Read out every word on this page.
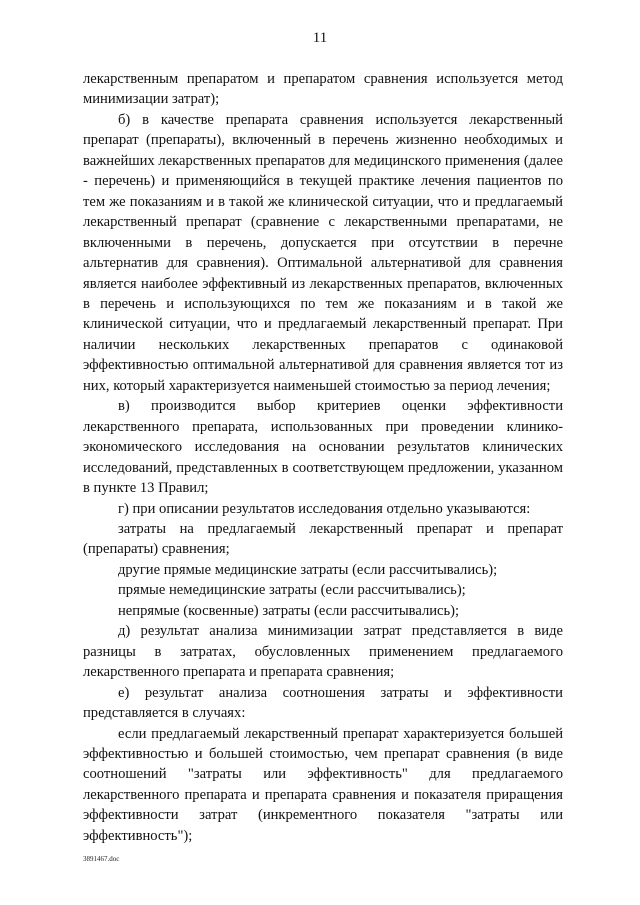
11

лекарственным препаратом и препаратом сравнения используется метод минимизации затрат);

б) в качестве препарата сравнения используется лекарственный препарат (препараты), включенный в перечень жизненно необходимых и важнейших лекарственных препаратов для медицинского применения (далее - перечень) и применяющийся в текущей практике лечения пациентов по тем же показаниям и в такой же клинической ситуации, что и предлагаемый лекарственный препарат (сравнение с лекарственными препаратами, не включенными в перечень, допускается при отсутствии в перечне альтернатив для сравнения). Оптимальной альтернативой для сравнения является наиболее эффективный из лекарственных препаратов, включенных в перечень и использующихся по тем же показаниям и в такой же клинической ситуации, что и предлагаемый лекарственный препарат. При наличии нескольких лекарственных препаратов с одинаковой эффективностью оптимальной альтернативой для сравнения является тот из них, который характеризуется наименьшей стоимостью за период лечения;

в) производится выбор критериев оценки эффективности лекарственного препарата, использованных при проведении клинико-экономического исследования на основании результатов клинических исследований, представленных в соответствующем предложении, указанном в пункте 13 Правил;

г) при описании результатов исследования отдельно указываются:

затраты на предлагаемый лекарственный препарат и препарат (препараты) сравнения;

другие прямые медицинские затраты (если рассчитывались);

прямые немедицинские затраты (если рассчитывались);

непрямые (косвенные) затраты (если рассчитывались);

д) результат анализа минимизации затрат представляется в виде разницы в затратах, обусловленных применением предлагаемого лекарственного препарата и препарата сравнения;

е) результат анализа соотношения затраты и эффективности представляется в случаях:

если предлагаемый лекарственный препарат характеризуется большей эффективностью и большей стоимостью, чем препарат сравнения (в виде соотношений "затраты или эффективность" для предлагаемого лекарственного препарата и препарата сравнения и показателя приращения эффективности затрат (инкрементного показателя "затраты или эффективность");

3891467.doc
